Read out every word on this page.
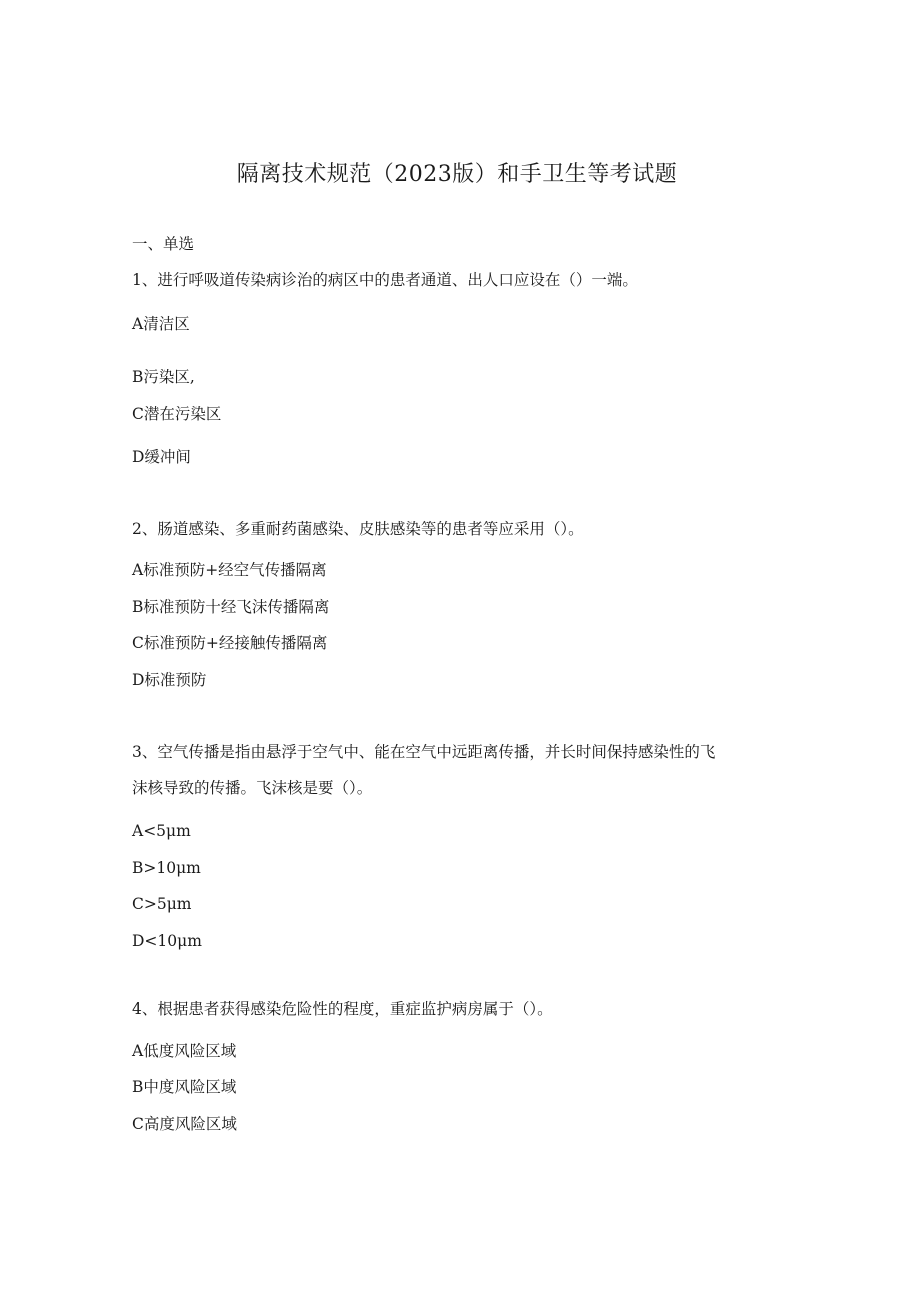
隔离技术规范（2023版）和手卫生等考试题
一、单选
1、进行呼吸道传染病诊治的病区中的患者通道、出人口应设在（）一端。
A清洁区
B污染区,
C潜在污染区
D缓冲间
2、肠道感染、多重耐药菌感染、皮肤感染等的患者等应采用（）。
A标准预防+经空气传播隔离
B标准预防十经飞沫传播隔离
C标准预防+经接触传播隔离
D标准预防
3、空气传播是指由悬浮于空气中、能在空气中远距离传播，并长时间保持感染性的飞
沫核导致的传播。飞沫核是要（）。
A<5μm
B>10μm
C>5μm
D<10μm
4、根据患者获得感染危险性的程度，重症监护病房属于（）。
A低度风险区域
B中度风险区域
C高度风险区域
